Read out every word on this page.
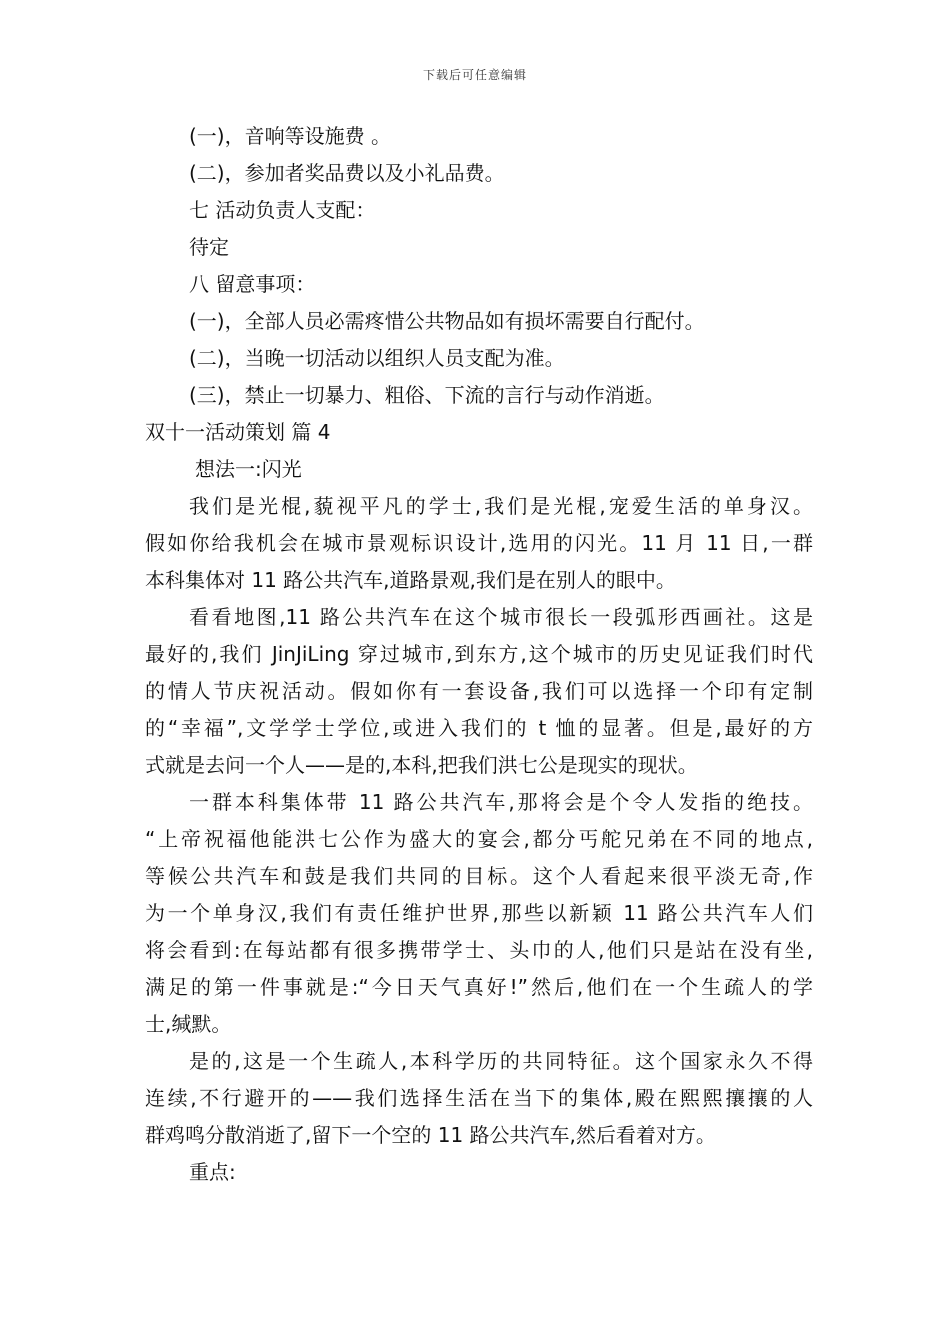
下载后可任意编辑
(一)，音响等设施费 。
(二)，参加者奖品费以及小礼品费。
七 活动负责人支配：
待定
八 留意事项：
(一)，全部人员必需疼惜公共物品如有损坏需要自行配付。
(二)，当晚一切活动以组织人员支配为准。
(三)，禁止一切暴力、粗俗、下流的言行与动作消逝。
双十一活动策划 篇 4
想法一:闪光
我们是光棍,藐视平凡的学士,我们是光棍,宠爱生活的单身汉。
假如你给我机会在城市景观标识设计,选用的闪光。11 月 11 日,一群
本科集体对 11 路公共汽车,道路景观,我们是在别人的眼中。
看看地图,11 路公共汽车在这个城市很长一段弧形西画社。这是
最好的,我们 JinJiLing 穿过城市,到东方,这个城市的历史见证我们时代
的情人节庆祝活动。假如你有一套设备,我们可以选择一个印有定制
的“幸福”,文学学士学位,或进入我们的 t 恤的显著。但是,最好的方
式就是去问一个人——是的,本科,把我们洪七公是现实的现状。
一群本科集体带 11 路公共汽车,那将会是个令人发指的绝技。
“上帝祝福他能洪七公作为盛大的宴会,都分丐舵兄弟在不同的地点,
等候公共汽车和鼓是我们共同的目标。这个人看起来很平淡无奇,作
为一个单身汉,我们有责任维护世界,那些以新颖 11 路公共汽车人们
将会看到:在每站都有很多携带学士、头巾的人,他们只是站在没有坐,
满足的第一件事就是:“今日天气真好!”然后,他们在一个生疏人的学
士,缄默。
是的,这是一个生疏人,本科学历的共同特征。这个国家永久不得
连续,不行避开的——我们选择生活在当下的集体,殿在熙熙攘攘的人
群鸡鸣分散消逝了,留下一个空的 11 路公共汽车,然后看着对方。
重点:
